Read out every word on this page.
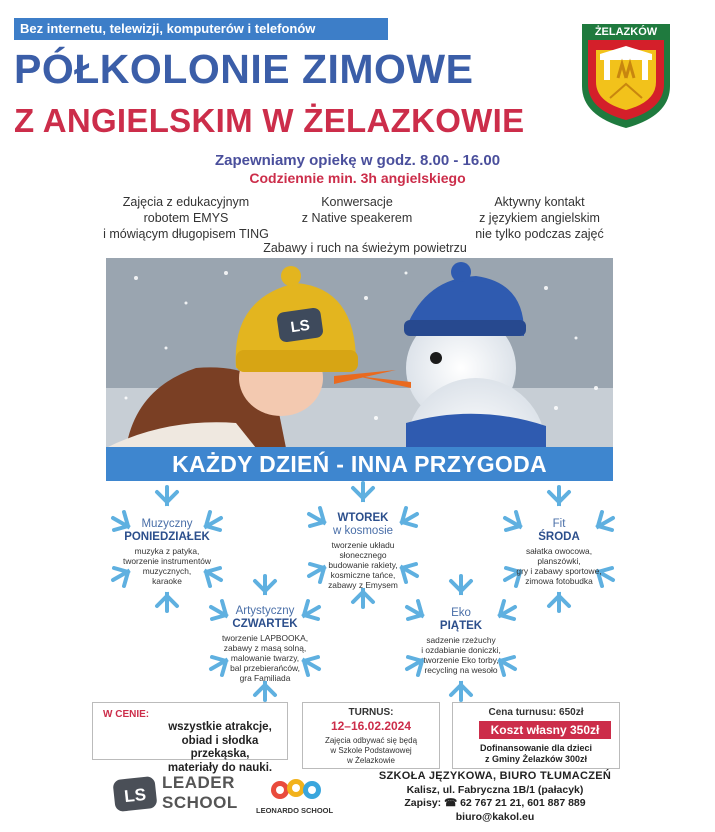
Bez internetu, telewizji, komputerów i telefonów
PÓŁKOLONIE ZIMOWE
Z ANGIELSKIM W ŻELAZKOWIE
ŻELAZKÓW
Zapewniamy opiekę w godz. 8.00 - 16.00
Codziennie min. 3h angielskiego
Zajęcia z edukacyjnym
robotem EMYS
i mówiącym długopisem TING
Konwersacje
z Native speakerem
Aktywny kontakt
z językiem angielskim
nie tylko podczas zajęć
Zabawy i ruch na świeżym powietrzu
LS
KAŻDY DZIEŃ - INNA PRZYGODA
Muzyczny
PONIEDZIAŁEK
muzyka z patyka,
tworzenie instrumentów
muzycznych,
karaoke
WTOREK
w kosmosie
tworzenie układu
słonecznego
budowanie rakiety,
kosmiczne tańce,
zabawy z Emysem
Fit
ŚRODA
sałatka owocowa,
planszówki,
gry i zabawy sportowe,
zimowa fotobudka
Artystyczny
CZWARTEK
tworzenie LAPBOOKA,
zabawy z masą solną,
malowanie twarzy,
bal przebierańców,
gra Familiada
Eko
PIĄTEK
sadzenie rzeżuchy
i ozdabianie doniczki,
tworzenie Eko torby,
recycling na wesoło
W CENIE:
wszystkie atrakcje,
obiad i słodka przekąska,
materiały do nauki.
TURNUS:
12–16.02.2024
Zajęcia odbywać się będą
w Szkole Podstawowej
w Żelazkowie
Cena turnusu: 650zł
Koszt własny 350zł
Dofinansowanie dla dzieci
z Gminy Żelazków 300zł
LS
LEADER
SCHOOL LEONARDO SCHOOL
SZKOŁA JĘZYKOWA, BIURO TŁUMACZEŃ
Kalisz, ul. Fabryczna 1B/1 (pałacyk)
Zapisy: ☎ 62 767 21 21, 601 887 889
biuro@kakol.eu
